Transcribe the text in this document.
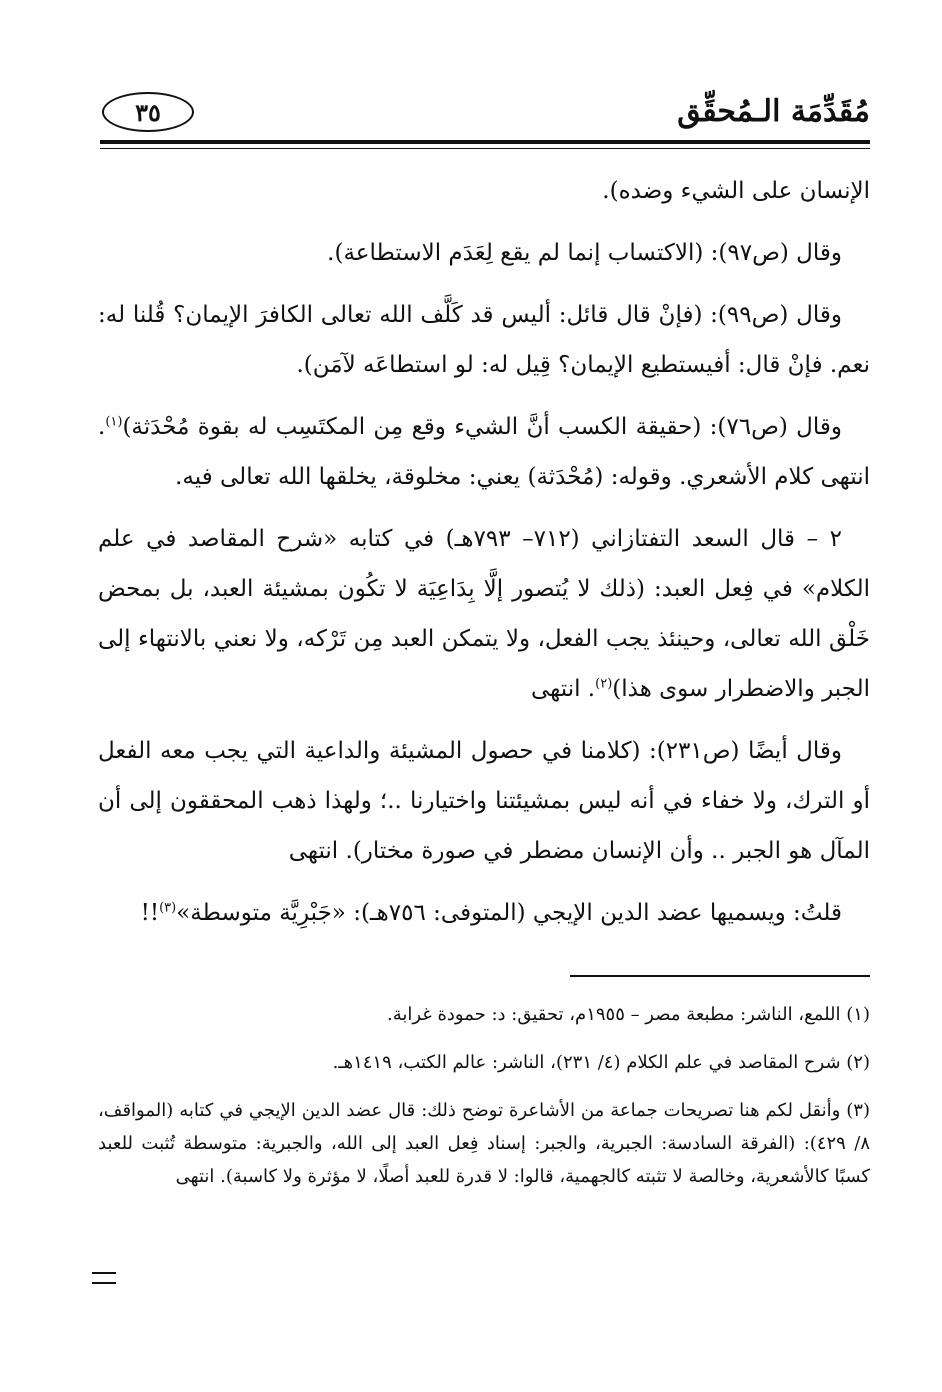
مُقَدِّمَة الـمُحقِّق
٣٥

الإنسان على الشيء وضده).

وقال (ص٩٧): (الاكتساب إنما لم يقع لِعَدَم الاستطاعة).

وقال (ص٩٩): (فإنْ قال قائل: أليس قد كَلَّف الله تعالى الكافرَ الإيمان؟ قُلنا له: نعم. فإنْ قال: أفيستطيع الإيمان؟ قِيل له: لو استطاعَه لآمَن).

وقال (ص٧٦): (حقيقة الكسب أنَّ الشيء وقع مِن المكتَسِب له بقوة مُحْدَثة)$^{(١)}$. انتهى كلام الأشعري. وقوله: (مُحْدَثة) يعني: مخلوقة، يخلقها الله تعالى فيه.

٢ – قال السعد التفتازاني (٧١٢– ٧٩٣هـ) في كتابه «شرح المقاصد في علم الكلام» في فِعل العبد: (ذلك لا يُتصور إلَّا بِدَاعِيَة لا تكُون بمشيئة العبد، بل بمحض خَلْق الله تعالى، وحينئذ يجب الفعل، ولا يتمكن العبد مِن تَرْكه، ولا نعني بالانتهاء إلى الجبر والاضطرار سوى هذا)$^{(٢)}$. انتهى

وقال أيضًا (ص٢٣١): (كلامنا في حصول المشيئة والداعية التي يجب معه الفعل أو الترك، ولا خفاء في أنه ليس بمشيئتنا واختيارنا ..؛ ولهذا ذهب المحققون إلى أن المآل هو الجبر .. وأن الإنسان مضطر في صورة مختار). انتهى

قلتُ: ويسميها عضد الدين الإيجي (المتوفى: ٧٥٦هـ): «جَبْرِيَّة متوسطة»$^{(٣)}$!!

(١) اللمع، الناشر: مطبعة مصر – ١٩٥٥م، تحقيق: د: حمودة غرابة.

(٢) شرح المقاصد في علم الكلام (٤/ ٢٣١)، الناشر: عالم الكتب، ١٤١٩هـ.

(٣) وأنقل لكم هنا تصريحات جماعة من الأشاعرة توضح ذلك: قال عضد الدين الإيجي في كتابه (المواقف، ٨/ ٤٢٩): (الفرقة السادسة: الجبرية، والجبر: إسناد فِعل العبد إلى الله، والجبرية: متوسطة تُثبت للعبد كسبًا كالأشعرية، وخالصة لا تثبته كالجهمية، قالوا: لا قدرة للعبد أصلًا، لا مؤثرة ولا كاسبة). انتهى
